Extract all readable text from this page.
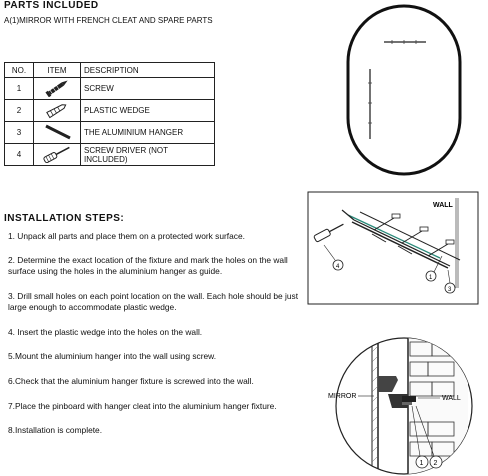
PARTS INCLUDED
A(1)MIRROR WITH FRENCH CLEAT AND SPARE PARTS
NO.	ITEM	DESCRIPTION
1		SCREW
2		PLASTIC WEDGE
3		THE ALUMINIUM HANGER
4		SCREW DRIVER (NOT INCLUDED)
INSTALLATION STEPS:
1. Unpack all parts and place them on a protected work surface.
2. Determine the exact location of the fixture and mark the holes on the wall surface using the holes in the aluminium hanger as guide.
3. Drill small holes on each point location on the wall. Each hole should be just large enough to accommodate plastic wedge.
4. Insert the plastic wedge into the holes on the wall.
5.Mount the aluminium hanger into the wall using screw.
6.Check that the aluminium hanger fixture is screwed into the wall.
7.Place the pinboard with hanger cleat into the aluminium hanger fixture.
8.Installation is complete.
WALL
4
1
3
MIRROR	WALL
1 2
